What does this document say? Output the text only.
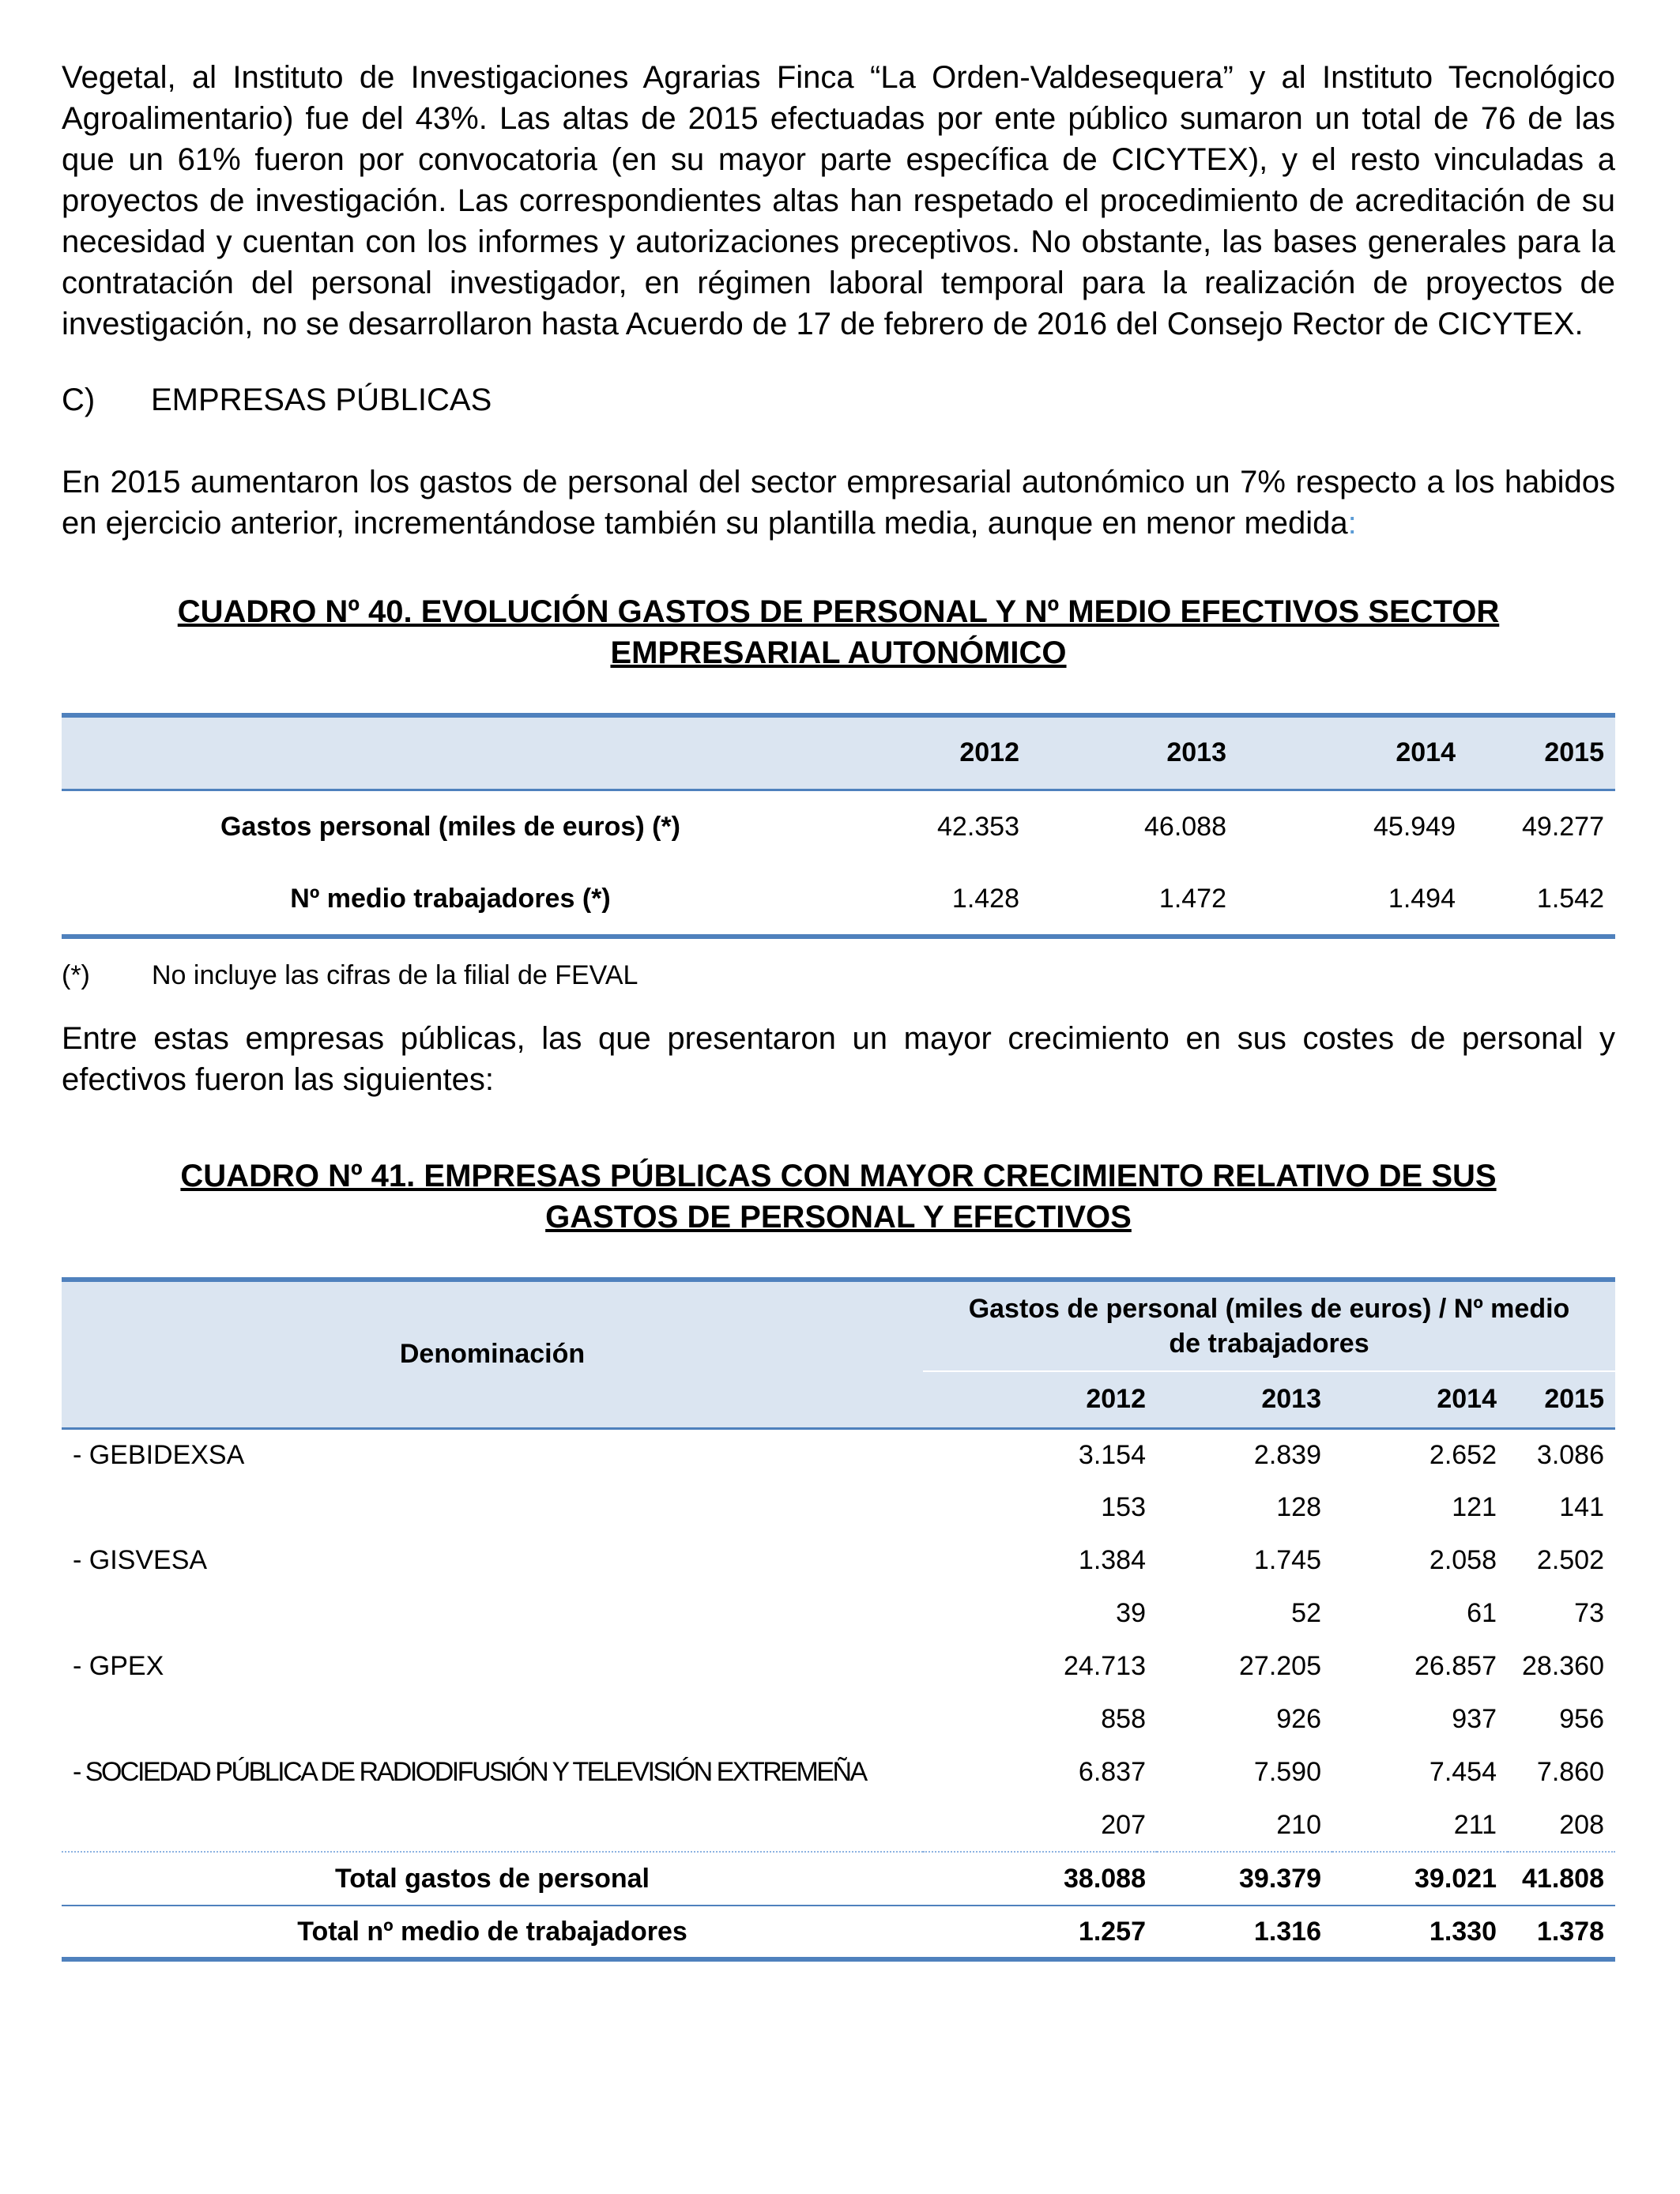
Vegetal, al Instituto de Investigaciones Agrarias Finca “La Orden-Valdesequera” y al Instituto Tecnológico Agroalimentario) fue del 43%. Las altas de 2015 efectuadas por ente público sumaron un total de 76 de las que un 61% fueron por convocatoria (en su mayor parte específica de CICYTEX), y el resto vinculadas a proyectos de investigación. Las correspondientes altas han respetado el procedimiento de acreditación de su necesidad y cuentan con los informes y autorizaciones preceptivos. No obstante, las bases generales para la contratación del personal investigador, en régimen laboral temporal para la realización de proyectos de investigación, no se desarrollaron hasta Acuerdo de 17 de febrero de 2016 del Consejo Rector de CICYTEX.

C)	EMPRESAS PÚBLICAS

En 2015 aumentaron los gastos de personal del sector empresarial autonómico un 7% respecto a los habidos en ejercicio anterior, incrementándose también su plantilla media, aunque en menor medida:

CUADRO Nº 40. EVOLUCIÓN GASTOS DE PERSONAL Y Nº MEDIO EFECTIVOS SECTOR

EMPRESARIAL AUTONÓMICO

	2012	2013	2014	2015
Gastos personal (miles de euros) (*)	42.353	46.088	45.949	49.277
Nº medio trabajadores (*)	1.428	1.472	1.494	1.542

(*)	No incluye las cifras de la filial de FEVAL

Entre estas empresas públicas, las que presentaron un mayor crecimiento en sus costes de personal y efectivos fueron las siguientes:

CUADRO Nº 41. EMPRESAS PÚBLICAS CON MAYOR CRECIMIENTO RELATIVO DE SUS

GASTOS DE PERSONAL Y EFECTIVOS

Denominación	Gastos de personal (miles de euros) / Nº medio
de trabajadores			
	2012	2013	2014	2015
- GEBIDEXSA	3.154	2.839	2.652	3.086
	153	128	121	141
- GISVESA	1.384	1.745	2.058	2.502
	39	52	61	73
- GPEX	24.713	27.205	26.857	28.360
	858	926	937	956
- SOCIEDAD PÚBLICA DE RADIODIFUSIÓN Y TELEVISIÓN EXTREMEÑA	6.837	7.590	7.454	7.860
	207	210	211	208
Total gastos de personal	38.088	39.379	39.021	41.808
Total nº medio de trabajadores	1.257	1.316	1.330	1.378
